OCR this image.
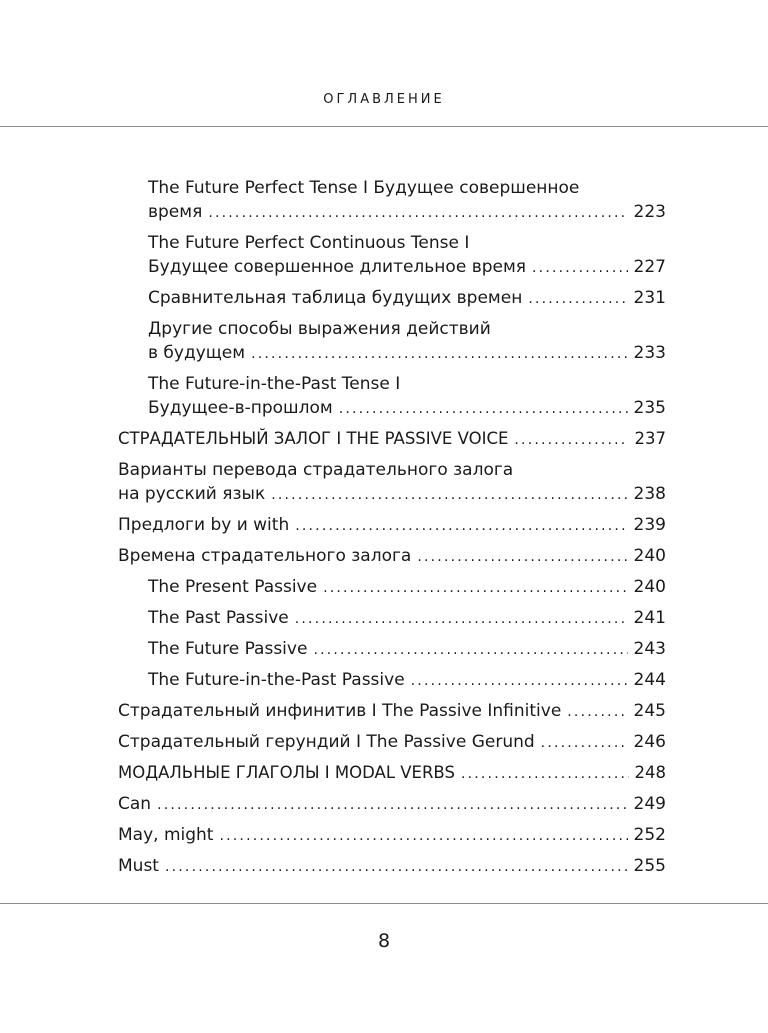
ОГЛАВЛЕНИЕ
The Future Perfect Tense I Будущее совершенное
время .....	223
The Future Perfect Continuous Tense I
Будущее совершенное длительное время .....	227
Сравнительная таблица будущих времен .....	231
Другие способы выражения действий
в будущем .....	233
The Future-in-the-Past Tense I
Будущее-в-прошлом .....	235
СТРАДАТЕЛЬНЫЙ ЗАЛОГ I THE PASSIVE VOICE .....	237
Варианты перевода страдательного залога
на русский язык .....	238
Предлоги by и with .....	239
Времена страдательного залога .....	240
The Present Passive .....	240
The Past Passive .....	241
The Future Passive .....	243
The Future-in-the-Past Passive .....	244
Страдательный инфинитив I The Passive Infinitive .....	245
Страдательный герундий I The Passive Gerund .....	246
МОДАЛЬНЫЕ ГЛАГОЛЫ I MODAL VERBS .....	248
Can .....	249
May, might .....	252
Must .....	255
8
